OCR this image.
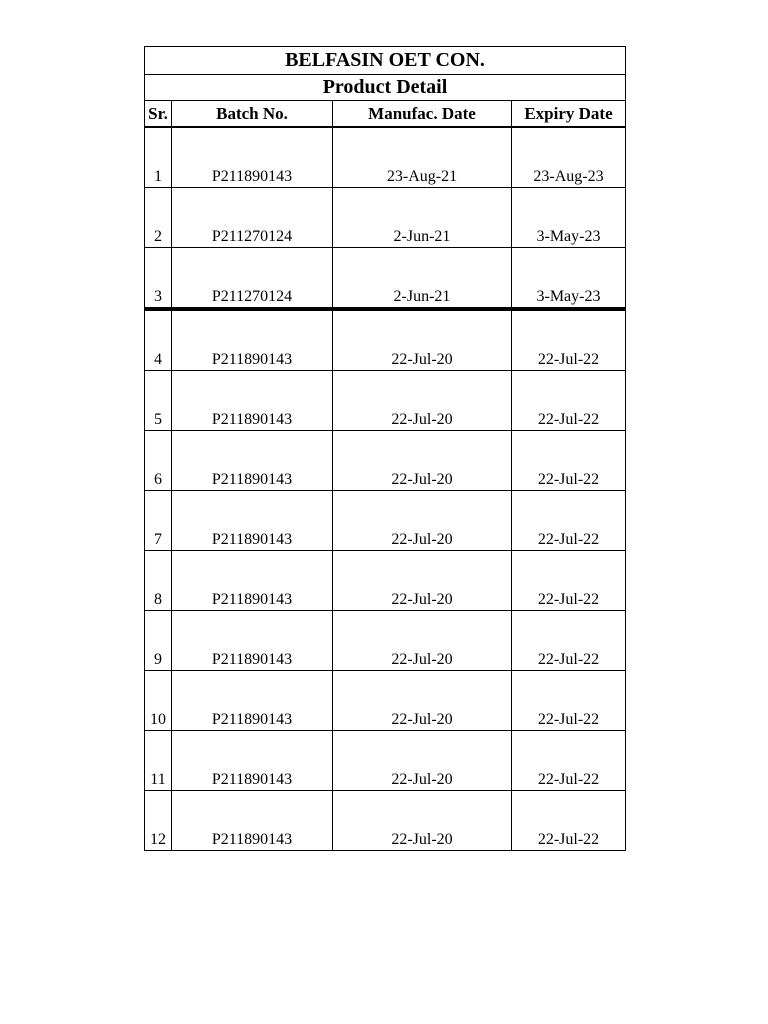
BELFASIN OET CON.			
Product Detail			
Sr.	Batch No.	Manufac. Date	Expiry Date
1	P211890143	23-Aug-21	23-Aug-23
2	P211270124	2-Jun-21	3-May-23
3	P211270124	2-Jun-21	3-May-23
4	P211890143	22-Jul-20	22-Jul-22
5	P211890143	22-Jul-20	22-Jul-22
6	P211890143	22-Jul-20	22-Jul-22
7	P211890143	22-Jul-20	22-Jul-22
8	P211890143	22-Jul-20	22-Jul-22
9	P211890143	22-Jul-20	22-Jul-22
10	P211890143	22-Jul-20	22-Jul-22
11	P211890143	22-Jul-20	22-Jul-22
12	P211890143	22-Jul-20	22-Jul-22
